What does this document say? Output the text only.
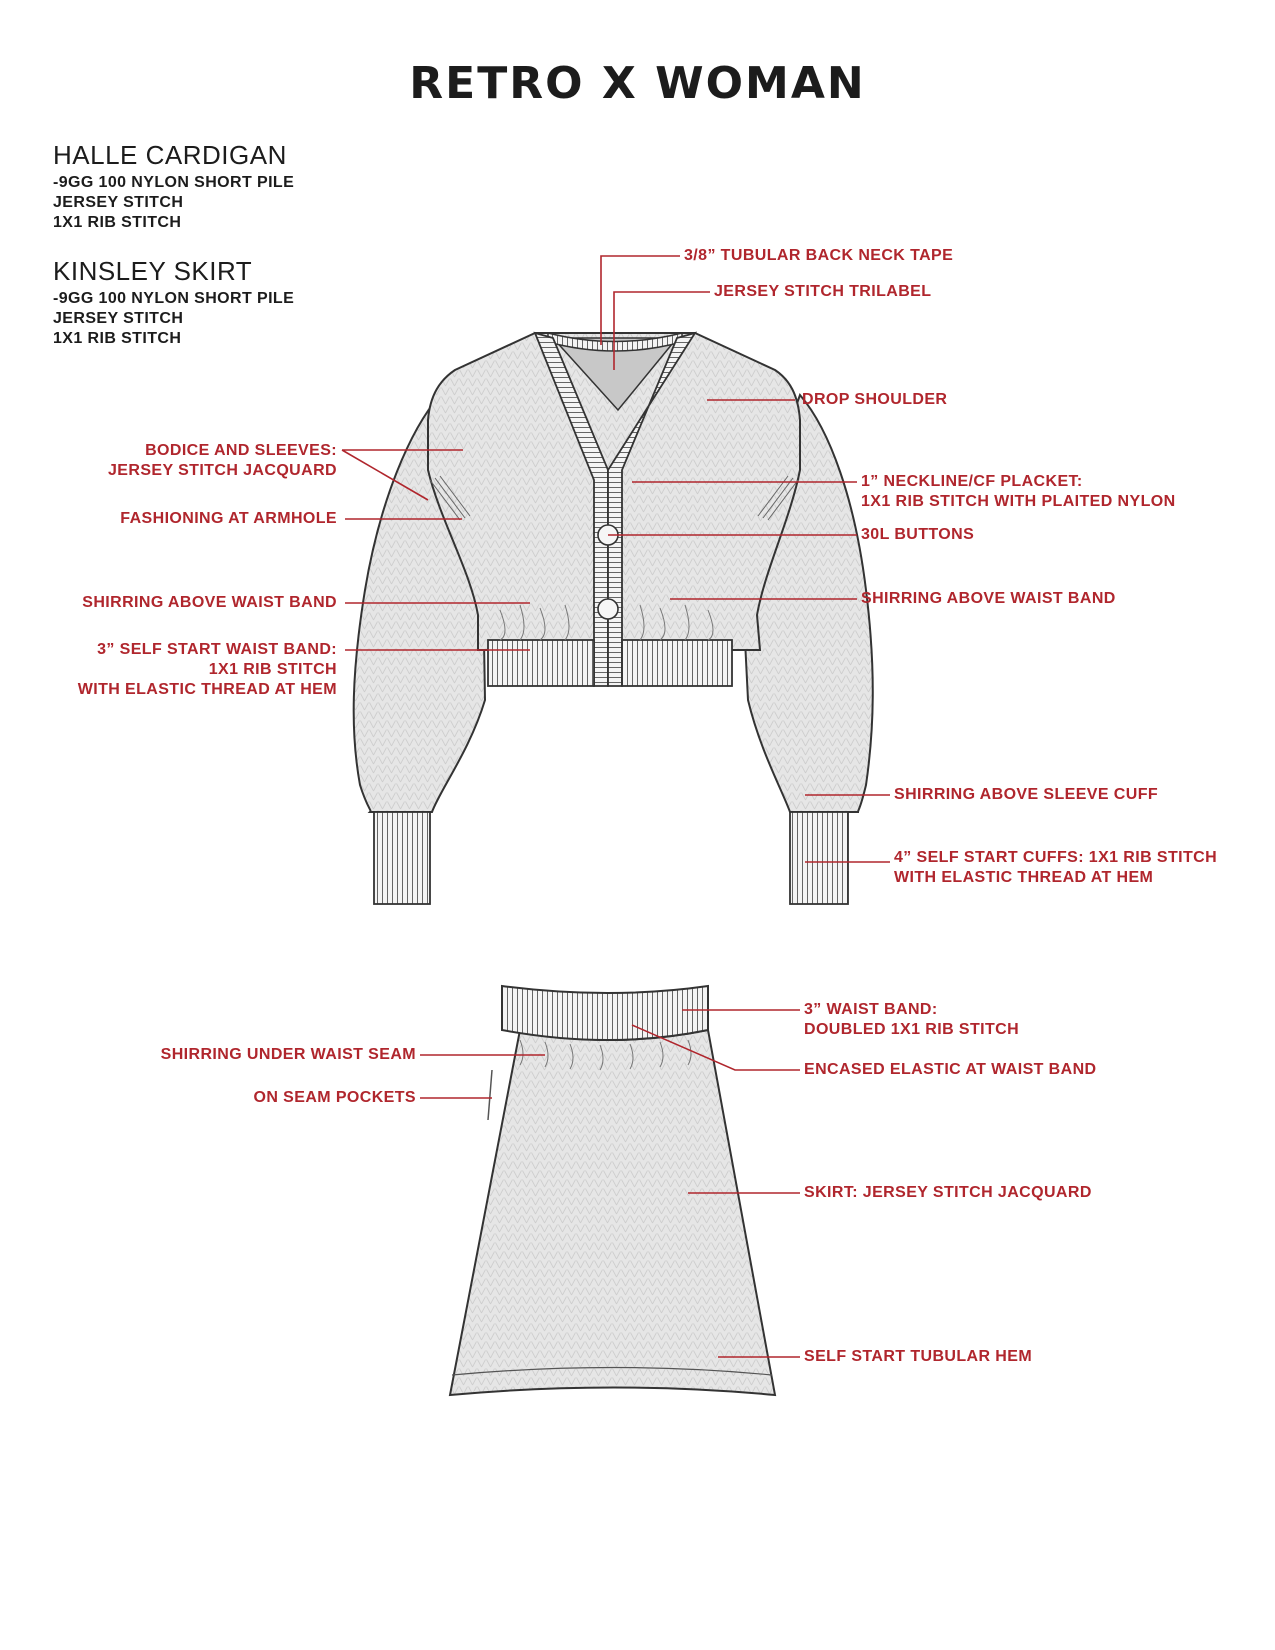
RETRO X WOMAN
HALLE CARDIGAN
-9GG 100 NYLON SHORT PILE
JERSEY STITCH
1X1 RIB STITCH
KINSLEY SKIRT
-9GG 100 NYLON SHORT PILE
JERSEY STITCH
1X1 RIB STITCH
3/8” TUBULAR BACK NECK TAPE
JERSEY STITCH TRILABEL
DROP SHOULDER
BODICE AND SLEEVES:
JERSEY STITCH JACQUARD
FASHIONING AT ARMHOLE
1” NECKLINE/CF PLACKET:
1X1 RIB STITCH WITH PLAITED NYLON
30L BUTTONS
SHIRRING ABOVE WAIST BAND	SHIRRING ABOVE WAIST BAND
3” SELF START WAIST BAND:
1X1 RIB STITCH
WITH ELASTIC THREAD AT HEM
SHIRRING ABOVE SLEEVE CUFF
4” SELF START CUFFS: 1X1 RIB STITCH
WITH ELASTIC THREAD AT HEM
3” WAIST BAND:
DOUBLED 1X1 RIB STITCH
SHIRRING UNDER WAIST SEAM
ENCASED ELASTIC AT WAIST BAND
ON SEAM POCKETS
SKIRT: JERSEY STITCH JACQUARD
SELF START TUBULAR HEM
